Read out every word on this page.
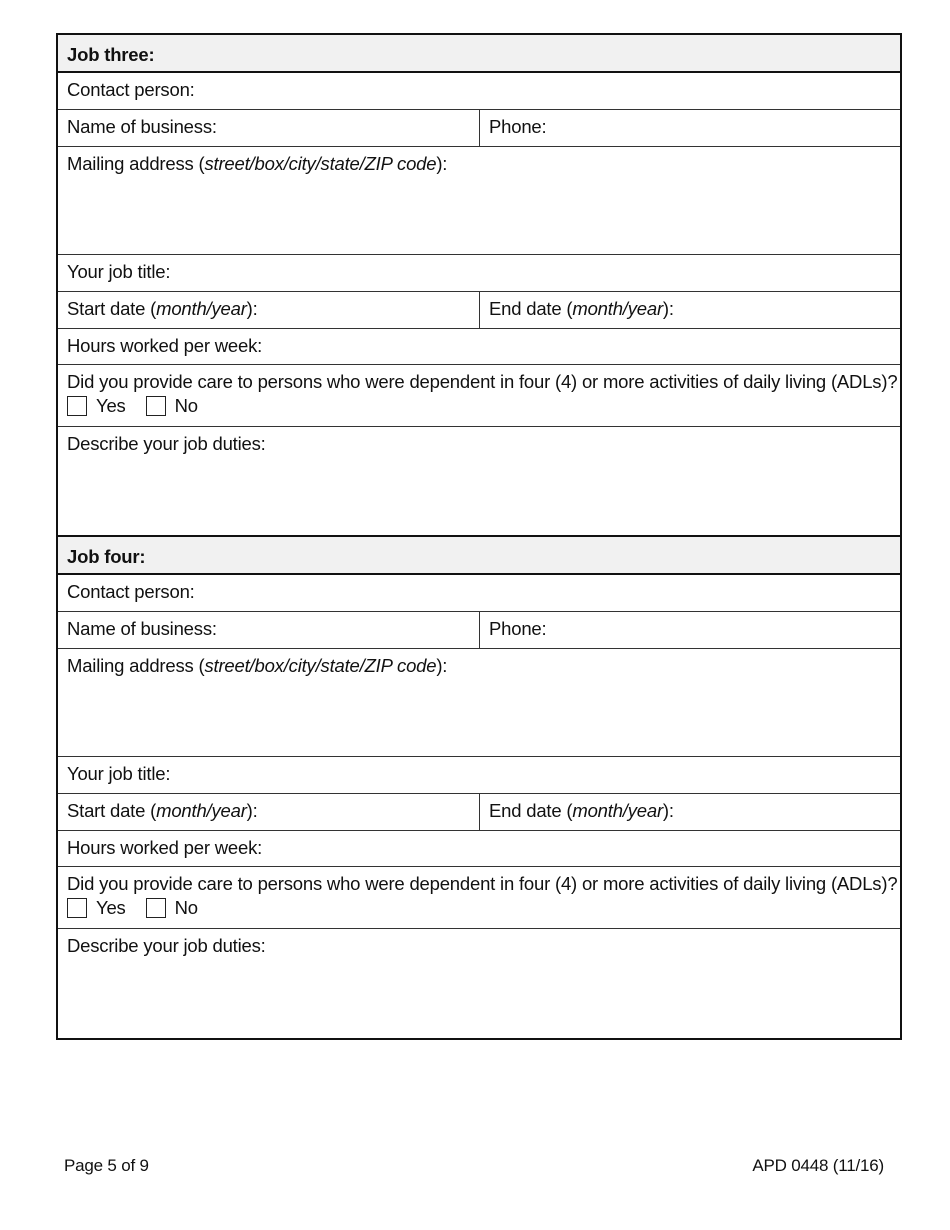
Job three:
Contact person:
Name of business:	Phone:
Mailing address (street/box/city/state/ZIP code):
Your job title:
Start date (month/year):	End date (month/year):
Hours worked per week:
Did you provide care to persons who were dependent in four (4) or more activities of daily living (ADLs)?
Yes	No
Describe your job duties:
Job four:
Contact person:
Name of business:	Phone:
Mailing address (street/box/city/state/ZIP code):
Your job title:
Start date (month/year):	End date (month/year):
Hours worked per week:
Did you provide care to persons who were dependent in four (4) or more activities of daily living (ADLs)?
Yes	No
Describe your job duties:
Page 5 of 9	APD 0448 (11/16)
